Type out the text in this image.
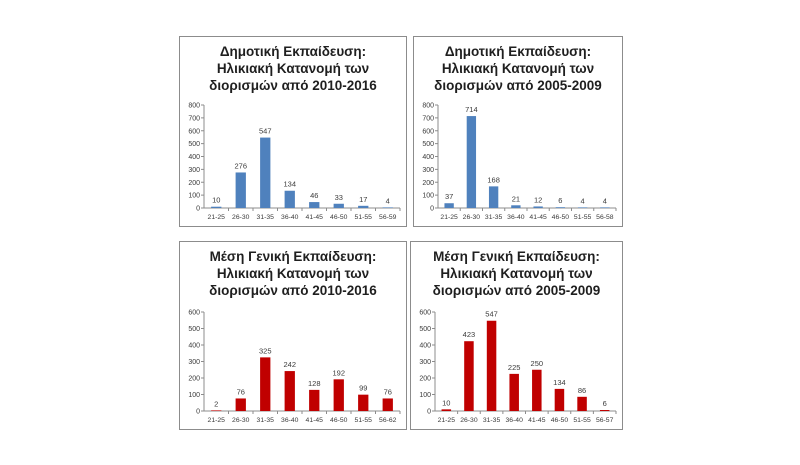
Δημοτική Εκπαίδευση:
Ηλικιακή Κατανομή των
διορισμών από 2010-2016
0
100
200
300
400
500
600
700
800
10
21-25
276
26-30
547
31-35
134
36-40
46
41-45
33
46-50
17
51-55
4
56-59
Δημοτική Εκπαίδευση:
Ηλικιακή Κατανομή των
διορισμών από 2005-2009
0
100
200
300
400
500
600
700
800
37
21-25
714
26-30
168
31-35
21
36-40
12
41-45
6
46-50
4
51-55
4
56-58
Μέση Γενική Εκπαίδευση:
Ηλικιακή Κατανομή των
διορισμών από 2010-2016
0
100
200
300
400
500
600
2
21-25
76
26-30
325
31-35
242
36-40
128
41-45
192
46-50
99
51-55
76
56-62
Μέση Γενική Εκπαίδευση:
Ηλικιακή Κατανομή των
διορισμών από 2005-2009
0
100
200
300
400
500
600
10
21-25
423
26-30
547
31-35
225
36-40
250
41-45
134
46-50
86
51-55
6
56-57
